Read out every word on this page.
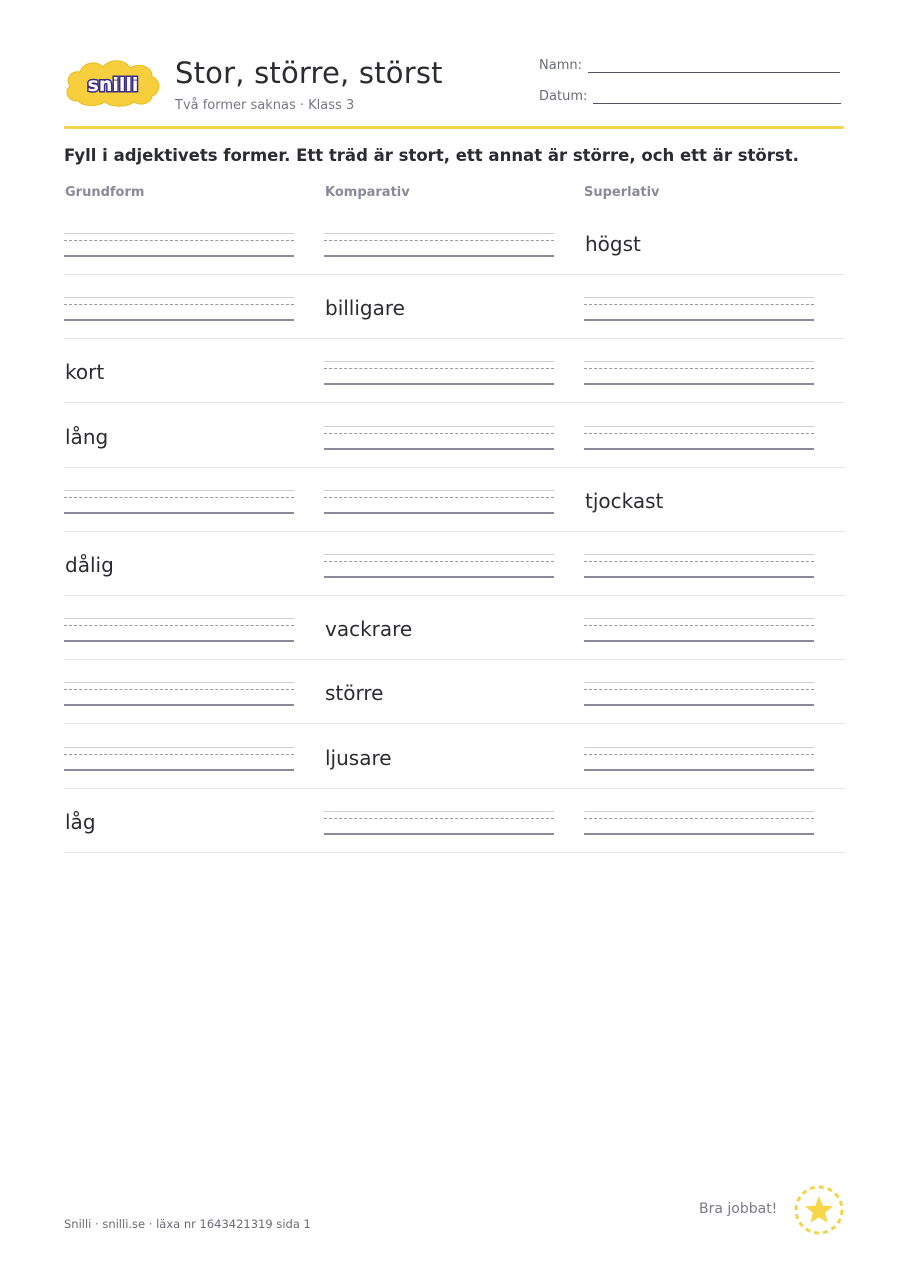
snilli Stor, större, störst
Två former saknas · Klass 3
Namn:
Datum:
Fyll i adjektivets former. Ett träd är stort, ett annat är större, och ett är störst.
Grundform	Komparativ	Superlativ
högst
billigare
kort
lång
tjockast
dålig
vackrare
större
ljusare
låg
Snilli · snilli.se · läxa nr 1643421319 sida 1
Bra jobbat!
